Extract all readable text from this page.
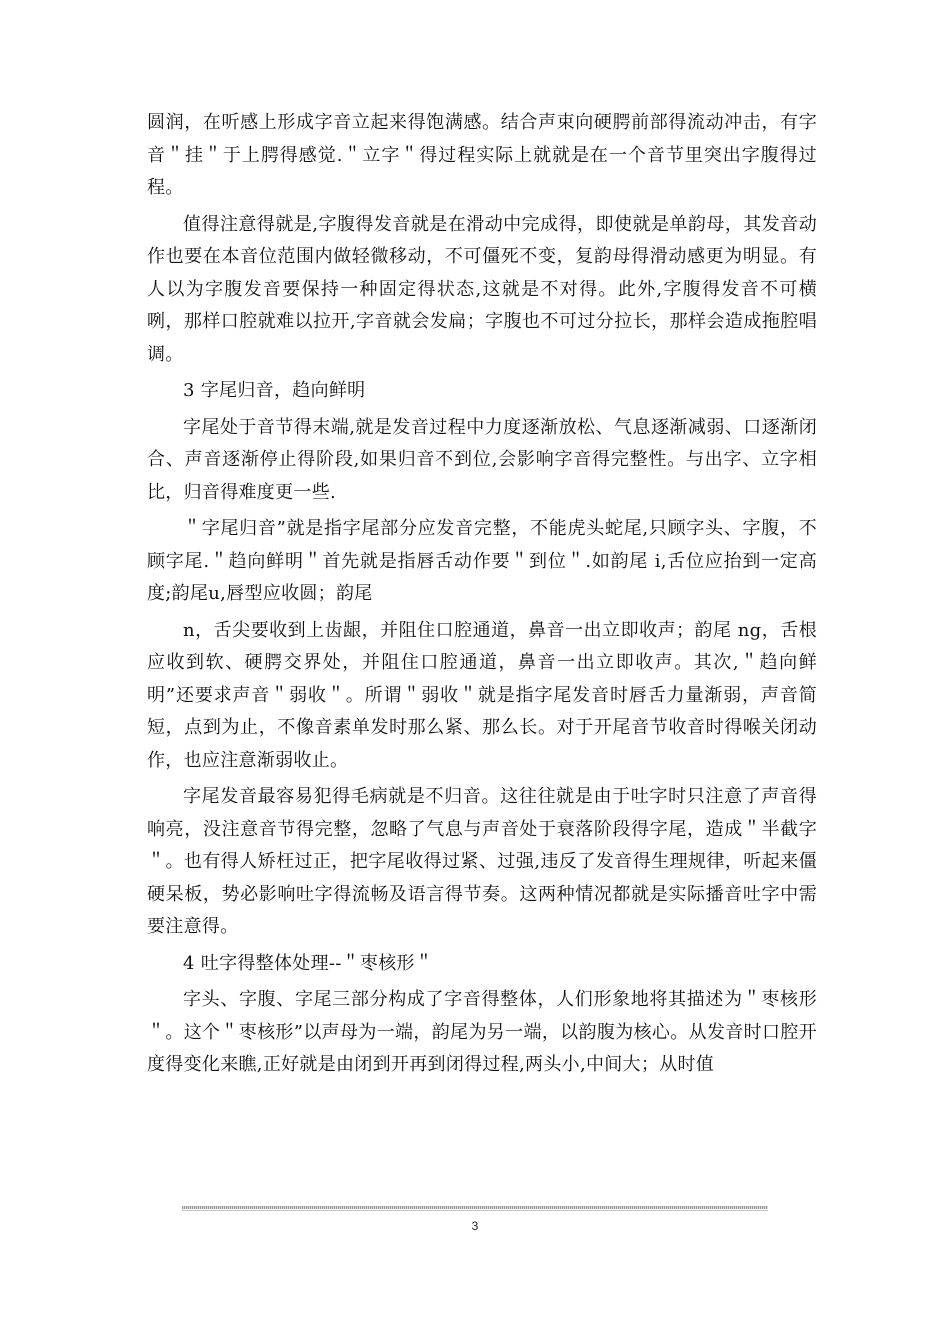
圆润，在听感上形成字音立起来得饱满感。结合声束向硬腭前部得流动冲击，有字音＂挂＂于上腭得感觉.＂立字＂得过程实际上就就是在一个音节里突出字腹得过程。

值得注意得就是,字腹得发音就是在滑动中完成得，即使就是单韵母，其发音动作也要在本音位范围内做轻微移动，不可僵死不变，复韵母得滑动感更为明显。有人以为字腹发音要保持一种固定得状态,这就是不对得。此外,字腹得发音不可横咧，那样口腔就难以拉开,字音就会发扁；字腹也不可过分拉长，那样会造成拖腔唱调。

3 字尾归音，趋向鲜明

字尾处于音节得末端,就是发音过程中力度逐渐放松、气息逐渐减弱、口逐渐闭合、声音逐渐停止得阶段,如果归音不到位,会影响字音得完整性。与出字、立字相比，归音得难度更一些.

＂字尾归音”就是指字尾部分应发音完整，不能虎头蛇尾,只顾字头、字腹，不顾字尾.＂趋向鲜明＂首先就是指唇舌动作要＂到位＂.如韵尾 i,舌位应抬到一定高度;韵尾u,唇型应收圆；韵尾

n，舌尖要收到上齿龈，并阻住口腔通道，鼻音一出立即收声；韵尾 ng，舌根应收到软、硬腭交界处，并阻住口腔通道，鼻音一出立即收声。其次,＂趋向鲜明”还要求声音＂弱收＂。所谓＂弱收＂就是指字尾发音时唇舌力量渐弱，声音简短，点到为止，不像音素单发时那么紧、那么长。对于开尾音节收音时得喉关闭动作，也应注意渐弱收止。

字尾发音最容易犯得毛病就是不归音。这往往就是由于吐字时只注意了声音得响亮，没注意音节得完整，忽略了气息与声音处于衰落阶段得字尾，造成＂半截字＂。也有得人矫枉过正，把字尾收得过紧、过强,违反了发音得生理规律，听起来僵硬呆板，势必影响吐字得流畅及语言得节奏。这两种情况都就是实际播音吐字中需要注意得。

4 吐字得整体处理--＂枣核形＂

字头、字腹、字尾三部分构成了字音得整体，人们形象地将其描述为＂枣核形＂。这个＂枣核形”以声母为一端，韵尾为另一端，以韵腹为核心。从发音时口腔开度得变化来瞧,正好就是由闭到开再到闭得过程,两头小,中间大；从时值

3
